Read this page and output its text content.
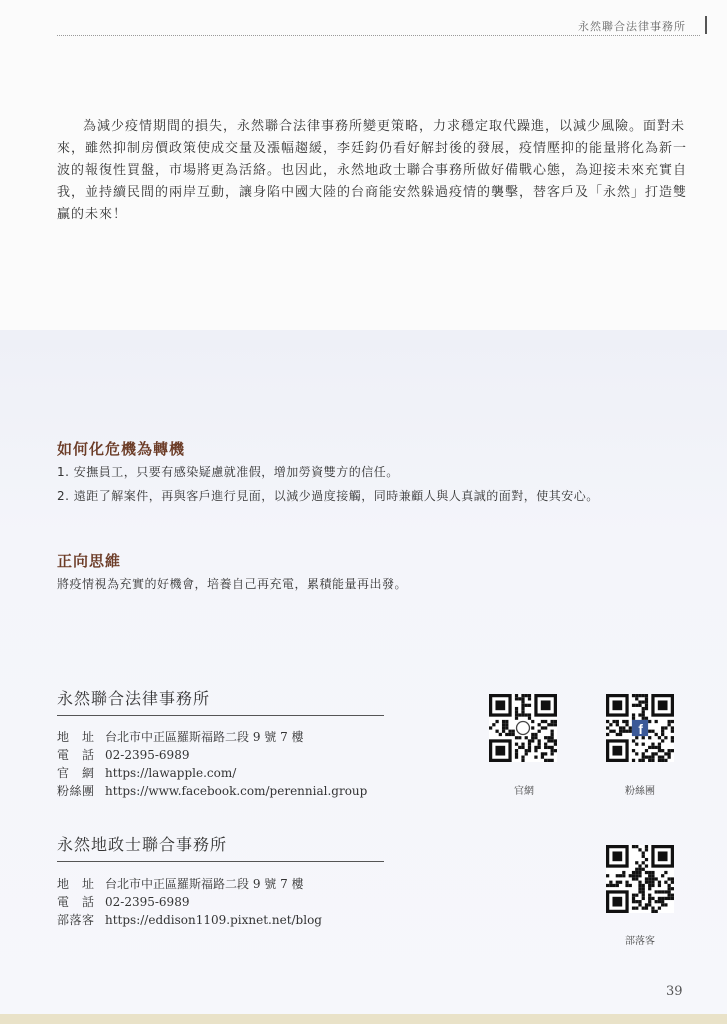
永然聯合法律事務所
為減少疫情期間的損失，永然聯合法律事務所變更策略，力求穩定取代躁進，以減少風險。面對未來，雖然抑制房價政策使成交量及漲幅趨緩，李廷鈞仍看好解封後的發展，疫情壓抑的能量將化為新一波的報復性買盤，市場將更為活絡。也因此，永然地政士聯合事務所做好備戰心態，為迎接未來充實自我，並持續民間的兩岸互動，讓身陷中國大陸的台商能安然躲過疫情的襲擊，替客戶及「永然」打造雙贏的未來！
如何化危機為轉機
1. 安撫員工，只要有感染疑慮就准假，增加勞資雙方的信任。
2. 遠距了解案件，再與客戶進行見面，以減少過度接觸，同時兼顧人與人真誠的面對，使其安心。
正向思維
將疫情視為充實的好機會，培養自己再充電，累積能量再出發。
永然聯合法律事務所
地　址 台北市中正區羅斯福路二段 9 號 7 樓
電　話 02-2395-6989
官　網 https://lawapple.com/
粉絲團 https://www.facebook.com/perennial.group	官網
f
粉絲團
永然地政士聯合事務所
地　址 台北市中正區羅斯福路二段 9 號 7 樓
電　話 02-2395-6989
部落客 https://eddison1109.pixnet.net/blog
部落客
39
